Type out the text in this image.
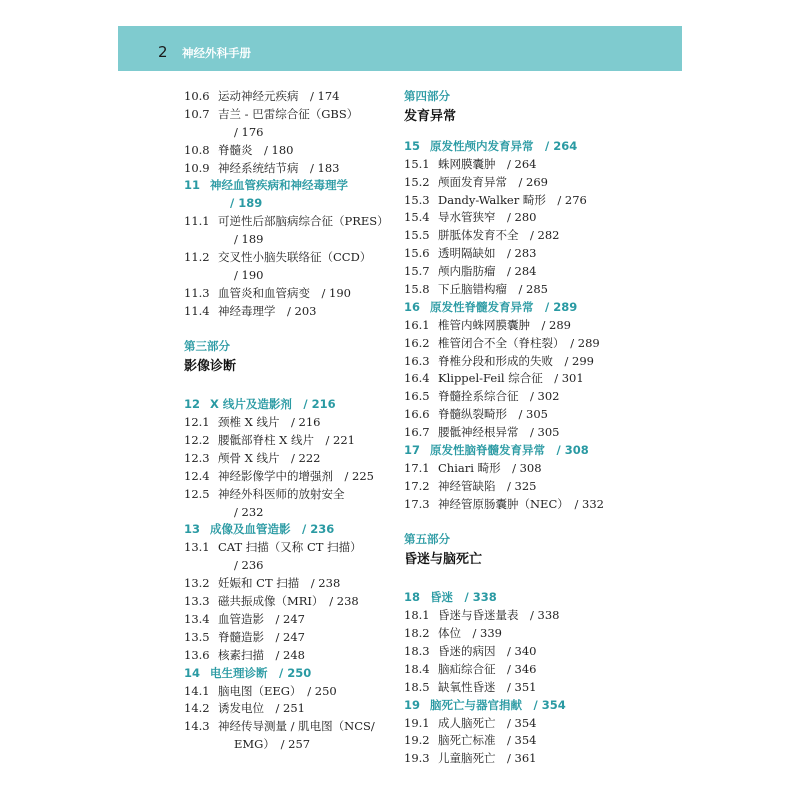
2 神经外科手册
10.6 运动神经元疾病　/ 174
10.7 吉兰 - 巴雷综合征（GBS）
/ 176
10.8 脊髓炎　/ 180
10.9 神经系统结节病　/ 183
11 神经血管疾病和神经毒理学
/ 189
11.1 可逆性后部脑病综合征（PRES）
/ 189
11.2 交叉性小脑失联络征（CCD）
/ 190
11.3 血管炎和血管病变　/ 190
11.4 神经毒理学　/ 203
第三部分
影像诊断
12 X 线片及造影剂　/ 216
12.1 颈椎 X 线片　/ 216
12.2 腰骶部脊柱 X 线片　/ 221
12.3 颅骨 X 线片　/ 222
12.4 神经影像学中的增强剂　/ 225
12.5 神经外科医师的放射安全
/ 232
13 成像及血管造影　/ 236
13.1 CAT 扫描（又称 CT 扫描）
/ 236
13.2 妊娠和 CT 扫描　/ 238
13.3 磁共振成像（MRI）　/ 238
13.4 血管造影　/ 247
13.5 脊髓造影　/ 247
13.6 核素扫描　/ 248
14 电生理诊断　/ 250
14.1 脑电图（EEG）　/ 250
14.2 诱发电位　/ 251
14.3 神经传导测量 / 肌电图（NCS/
EMG）　/ 257
第四部分
发育异常
15 原发性颅内发育异常　/ 264
15.1 蛛网膜囊肿　/ 264
15.2 颅面发育异常　/ 269
15.3 Dandy-Walker 畸形　/ 276
15.4 导水管狭窄　/ 280
15.5 胼胝体发育不全　/ 282
15.6 透明隔缺如　/ 283
15.7 颅内脂肪瘤　/ 284
15.8 下丘脑错构瘤　/ 285
16 原发性脊髓发育异常　/ 289
16.1 椎管内蛛网膜囊肿　/ 289
16.2 椎管闭合不全（脊柱裂）　/ 289
16.3 脊椎分段和形成的失败　/ 299
16.4 Klippel-Feil 综合征　/ 301
16.5 脊髓拴系综合征　/ 302
16.6 脊髓纵裂畸形　/ 305
16.7 腰骶神经根异常　/ 305
17 原发性脑脊髓发育异常　/ 308
17.1 Chiari 畸形　/ 308
17.2 神经管缺陷　/ 325
17.3 神经管原肠囊肿（NEC）　/ 332
第五部分
昏迷与脑死亡
18 昏迷　/ 338
18.1 昏迷与昏迷量表　/ 338
18.2 体位　/ 339
18.3 昏迷的病因　/ 340
18.4 脑疝综合征　/ 346
18.5 缺氧性昏迷　/ 351
19 脑死亡与器官捐献　/ 354
19.1 成人脑死亡　/ 354
19.2 脑死亡标准　/ 354
19.3 儿童脑死亡　/ 361
